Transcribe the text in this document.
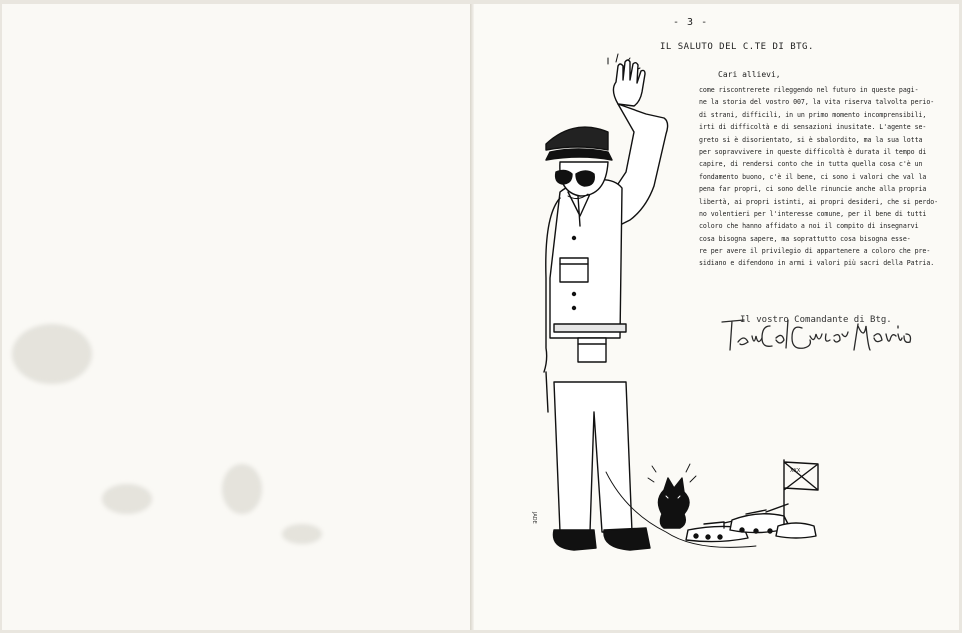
- 3 -
IL SALUTO DEL C.TE DI BTG.
Cari allievi,
come riscontrerete rileggendo nel futuro in queste pagi-
ne la storia del vostro 007, la vita riserva talvolta perio-
di strani, difficili, in un primo momento incomprensibili,
irti di difficoltà e di sensazioni inusitate. L'agente se-
greto si è disorientato, si è sbalordito, ma la sua lotta
per sopravvivere in queste difficoltà è durata il tempo di
capire, di rendersi conto che in tutta quella cosa c'è un
fondamento buono, c'è il bene, ci sono i valori che val la
pena far propri, ci sono delle rinuncie anche alla propria
libertà, ai propri istinti, ai propri desideri, che si perdo-
no volentieri per l'interesse comune, per il bene di tutti
coloro che hanno affidato a noi il compito di insegnarvi
cosa bisogna sapere, ma soprattutto cosa bisogna esse-
re per avere il privilegio di appartenere a coloro che pre-
sidiano e difendono in armi i valori più sacri della Patria.
Il vostro Comandante di Btg.
XXX
JADE
